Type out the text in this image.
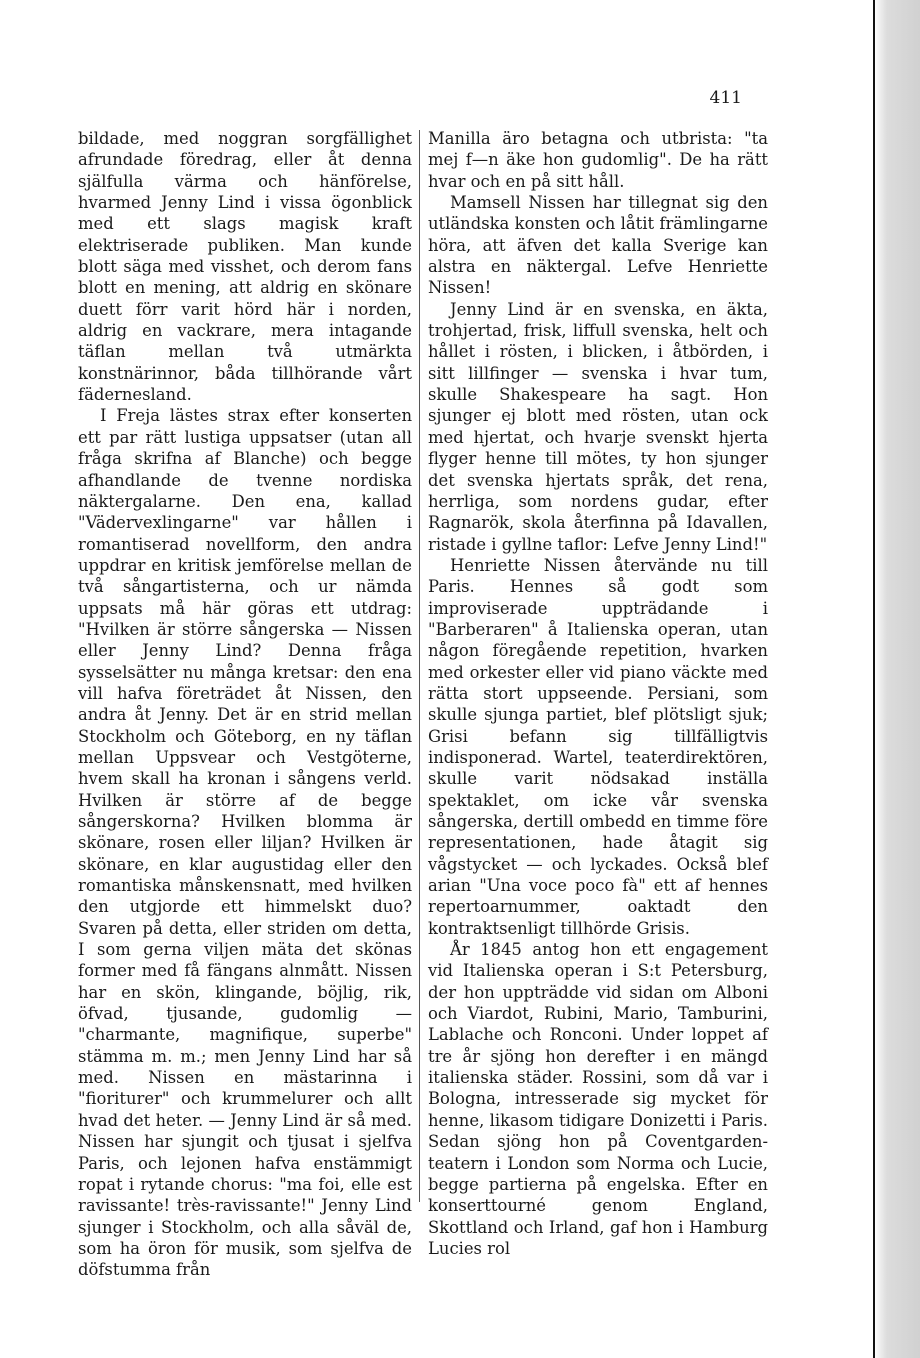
411

bildade, med noggran sorgfällighet afrundade föredrag, eller åt denna själfulla värma och hänförelse, hvarmed Jenny Lind i vissa ögonblick med ett slags magisk kraft elektriserade publiken. Man kunde blott säga med visshet, och derom fans blott en mening, att aldrig en skönare duett förr varit hörd här i norden, aldrig en vackrare, mera intagande täflan mellan två utmärkta konstnärinnor, båda tillhörande vårt fädernesland.

I Freja lästes strax efter konserten ett par rätt lustiga uppsatser (utan all fråga skrifna af Blanche) och begge afhandlande de tvenne nordiska näktergalarne. Den ena, kallad "Vädervexlingarne" var hållen i romantiserad novellform, den andra uppdrar en kritisk jemförelse mellan de två sångartisterna, och ur nämda uppsats må här göras ett utdrag: "Hvilken är större sångerska — Nissen eller Jenny Lind? Denna fråga sysselsätter nu många kretsar: den ena vill hafva företrädet åt Nissen, den andra åt Jenny. Det är en strid mellan Stockholm och Göteborg, en ny täflan mellan Uppsvear och Vestgöterne, hvem skall ha kronan i sångens verld. Hvilken är större af de begge sångerskorna? Hvilken blomma är skönare, rosen eller liljan? Hvilken är skönare, en klar augustidag eller den romantiska månskensnatt, med hvilken den utgjorde ett himmelskt duo? Svaren på detta, eller striden om detta, I som gerna viljen mäta det skönas former med få fängans alnmått. Nissen har en skön, klingande, böjlig, rik, öfvad, tjusande, gudomlig — "charmante, magnifique, superbe" stämma m. m.; men Jenny Lind har så med. Nissen en mästarinna i "fioriturer" och krummelurer och allt hvad det heter. — Jenny Lind är så med. Nissen har sjungit och tjusat i sjelfva Paris, och lejonen hafva enstämmigt ropat i rytande chorus: "ma foi, elle est ravissante! très-ravissante!" Jenny Lind sjunger i Stockholm, och alla såväl de, som ha öron för musik, som sjelfva de döfstumma från

Manilla äro betagna och utbrista: "ta mej f—n äke hon gudomlig". De ha rätt hvar och en på sitt håll.

Mamsell Nissen har tillegnat sig den utländska konsten och låtit främlingarne höra, att äfven det kalla Sverige kan alstra en näktergal. Lefve Henriette Nissen!

Jenny Lind är en svenska, en äkta, trohjertad, frisk, liffull svenska, helt och hållet i rösten, i blicken, i åtbörden, i sitt lillfinger — svenska i hvar tum, skulle Shakespeare ha sagt. Hon sjunger ej blott med rösten, utan ock med hjertat, och hvarje svenskt hjerta flyger henne till mötes, ty hon sjunger det svenska hjertats språk, det rena, herrliga, som nordens gudar, efter Ragnarök, skola återfinna på Idavallen, ristade i gyllne taflor: Lefve Jenny Lind!"

Henriette Nissen återvände nu till Paris. Hennes så godt som improviserade uppträdande i "Barberaren" å Italienska operan, utan någon föregående repetition, hvarken med orkester eller vid piano väckte med rätta stort uppseende. Persiani, som skulle sjunga partiet, blef plötsligt sjuk; Grisi befann sig tillfälligtvis indisponerad. Wartel, teaterdirektören, skulle varit nödsakad inställa spektaklet, om icke vår svenska sångerska, dertill ombedd en timme före representationen, hade åtagit sig vågstycket — och lyckades. Också blef arian "Una voce poco fà" ett af hennes repertoarnummer, oaktadt den kontraktsenligt tillhörde Grisis.

År 1845 antog hon ett engagement vid Italienska operan i S:t Petersburg, der hon uppträdde vid sidan om Alboni och Viardot, Rubini, Mario, Tamburini, Lablache och Ronconi. Under loppet af tre år sjöng hon derefter i en mängd italienska städer. Rossini, som då var i Bologna, intresserade sig mycket för henne, likasom tidigare Donizetti i Paris. Sedan sjöng hon på Coventgarden-teatern i London som Norma och Lucie, begge partierna på engelska. Efter en konserttourné genom England, Skottland och Irland, gaf hon i Hamburg Lucies rol
